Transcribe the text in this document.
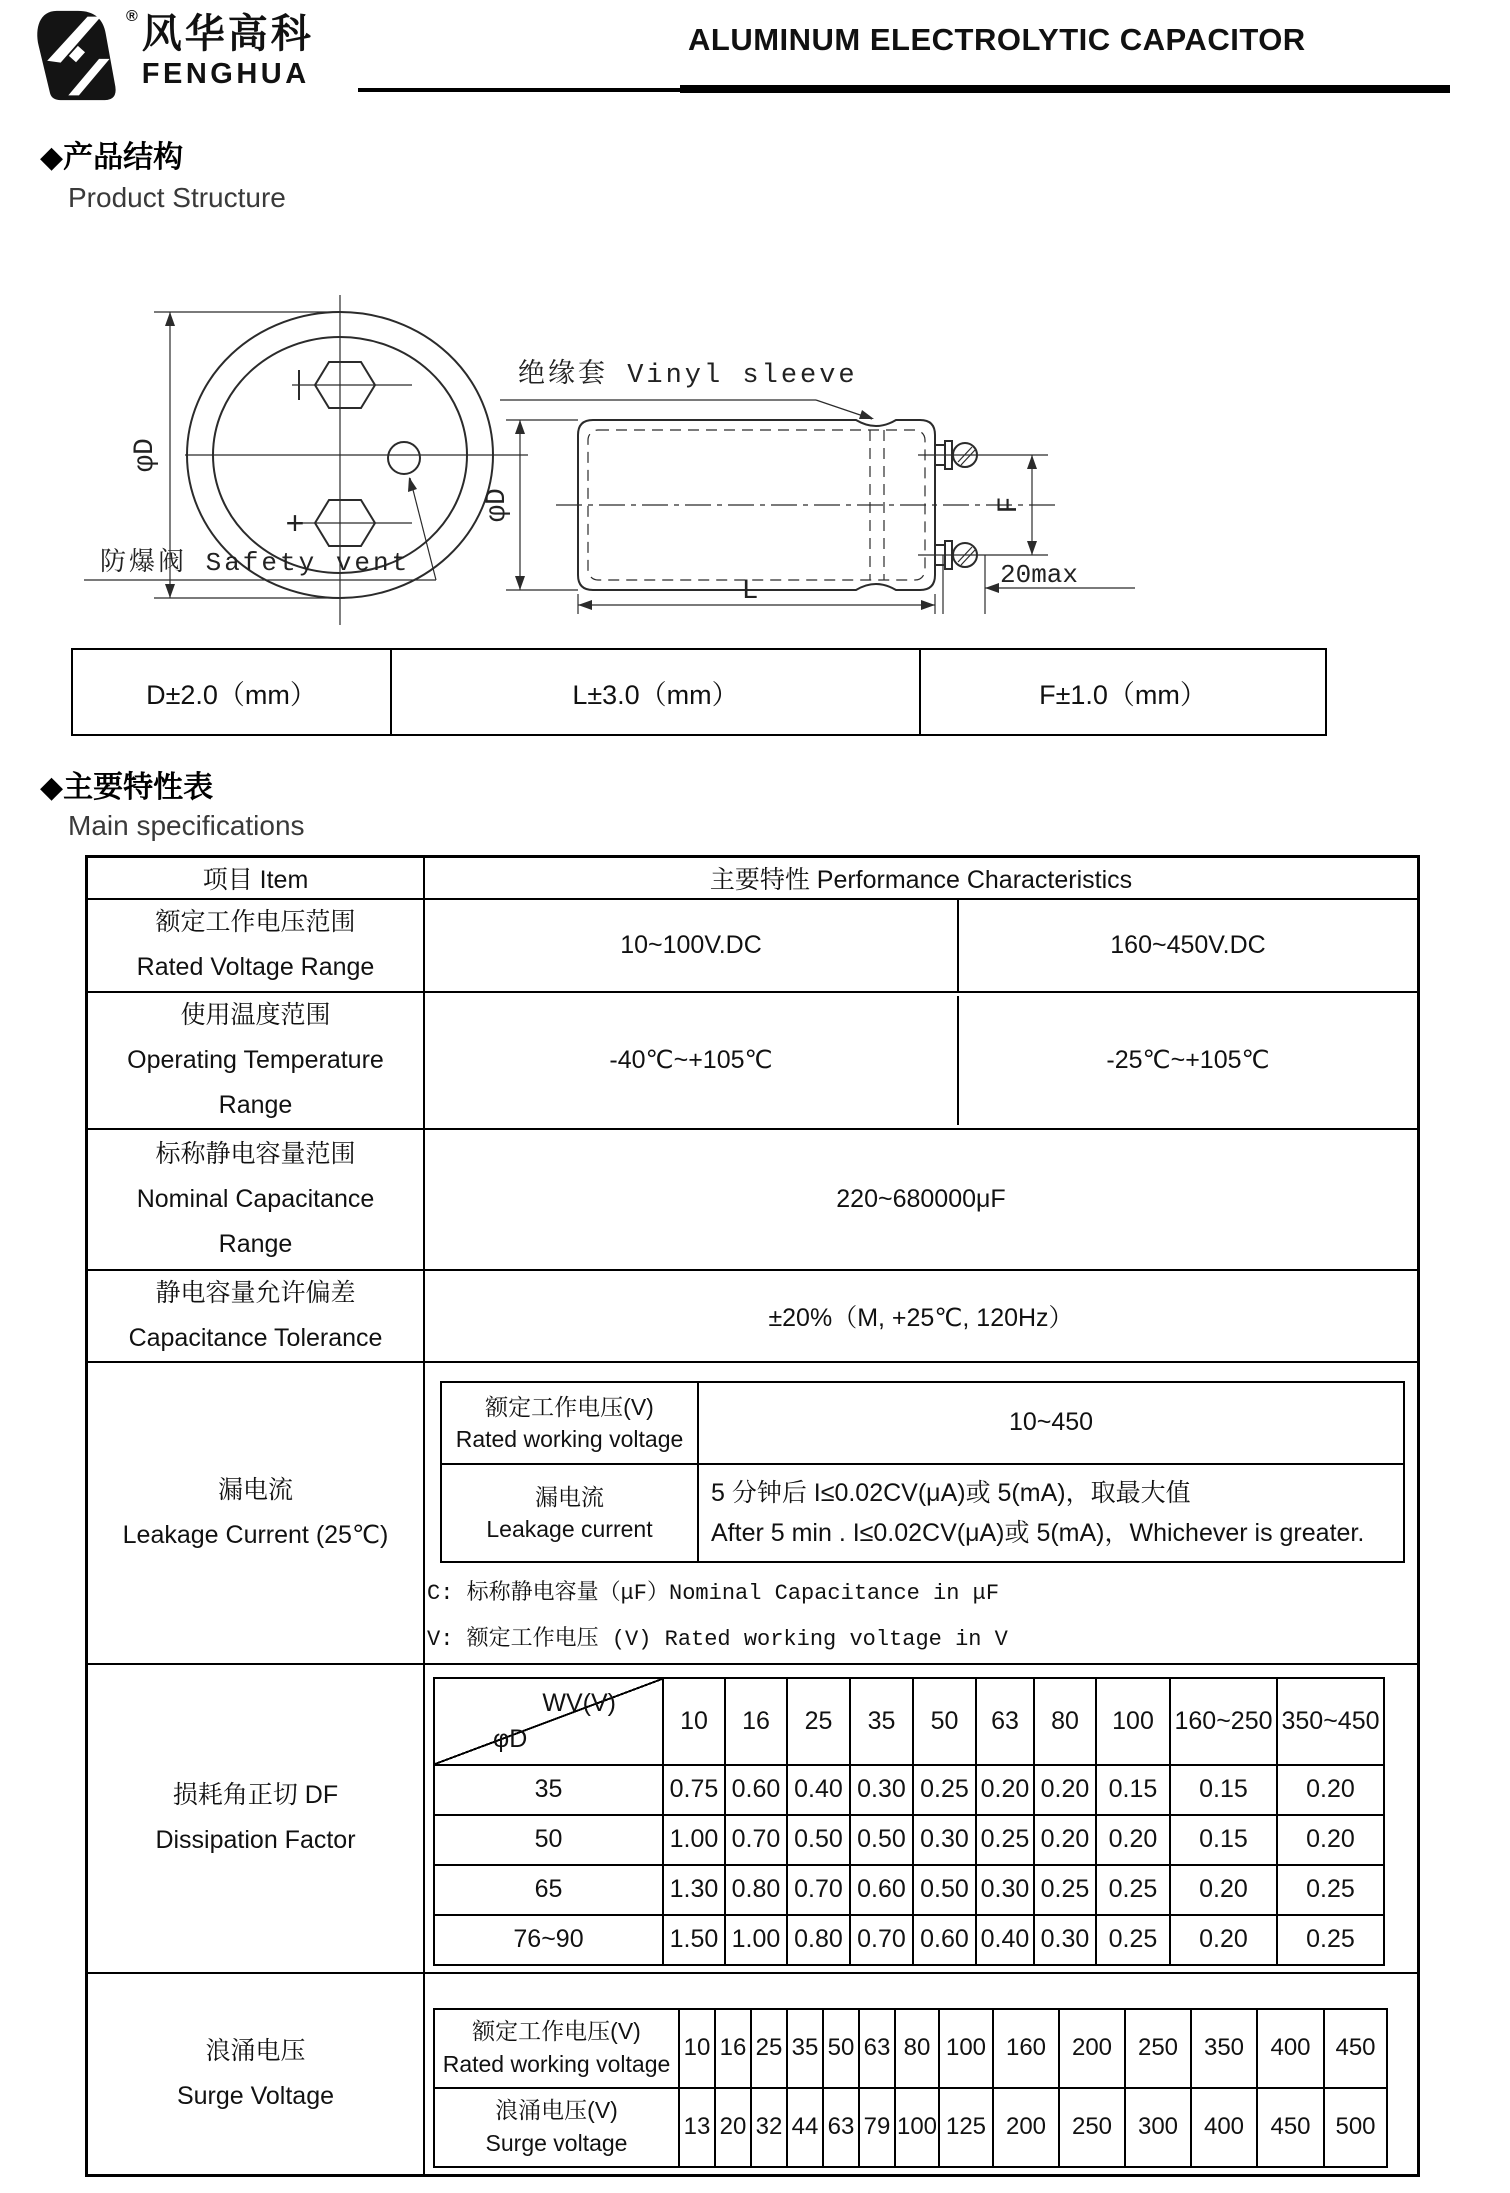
® 风华高科
FENGHUA
ALUMINUM ELECTROLYTIC CAPACITOR
◆产品结构
Product Structure
+
防爆阀 Safety vent
φD
绝缘套 Vinyl sleeve
φD	F
L
20max
D±2.0（mm）	L±3.0（mm）	F±1.0（mm）
◆主要特性表
Main specifications
项目 Item	主要特性 Performance Characteristics

额定工作电压范围
Rated Voltage Range

10~100V.DC	160~450V.DC

使用温度范围
Operating Temperature
Range

-40℃~+105℃	-25℃~+105℃

标称静电容量范围
Nominal Capacitance
Range
	220~680000μF

静电容量允许偏差
Capacitance Tolerance
	±20%（M, +25℃, 120Hz）

漏电流
Leakage Current (25℃)

额定工作电压(V)
Rated working voltage
	10~450

漏电流
Leakage current

5 分钟后 I≤0.02CV(μA)或 5(mA)，取最大值
After 5 min . I≤0.02CV(μA)或 5(mA)，Whichever is greater.
C: 标称静电容量（μF）Nominal Capacitance in μF
V: 额定工作电压 (V) Rated working voltage in V

损耗角正切 DF
Dissipation Factor

WV(V)
φD
	10	16	25	35	50	63	80	100	160~250	350~450
35	0.75	0.60	0.40	0.30	0.25	0.20	0.20	0.15	0.15	0.20
50	1.00	0.70	0.50	0.50	0.30	0.25	0.20	0.20	0.15	0.20
65	1.30	0.80	0.70	0.60	0.50	0.30	0.25	0.25	0.20	0.25
76~90	1.50	1.00	0.80	0.70	0.60	0.40	0.30	0.25	0.20	0.25

浪涌电压
Surge Voltage

额定工作电压(V)
Rated working voltage
	10	16	25	35	50	63	80	100	160	200	250	350	400	450

浪涌电压(V)
Surge voltage
	13	20	32	44	63	79	100	125	200	250	300	400	450	500
